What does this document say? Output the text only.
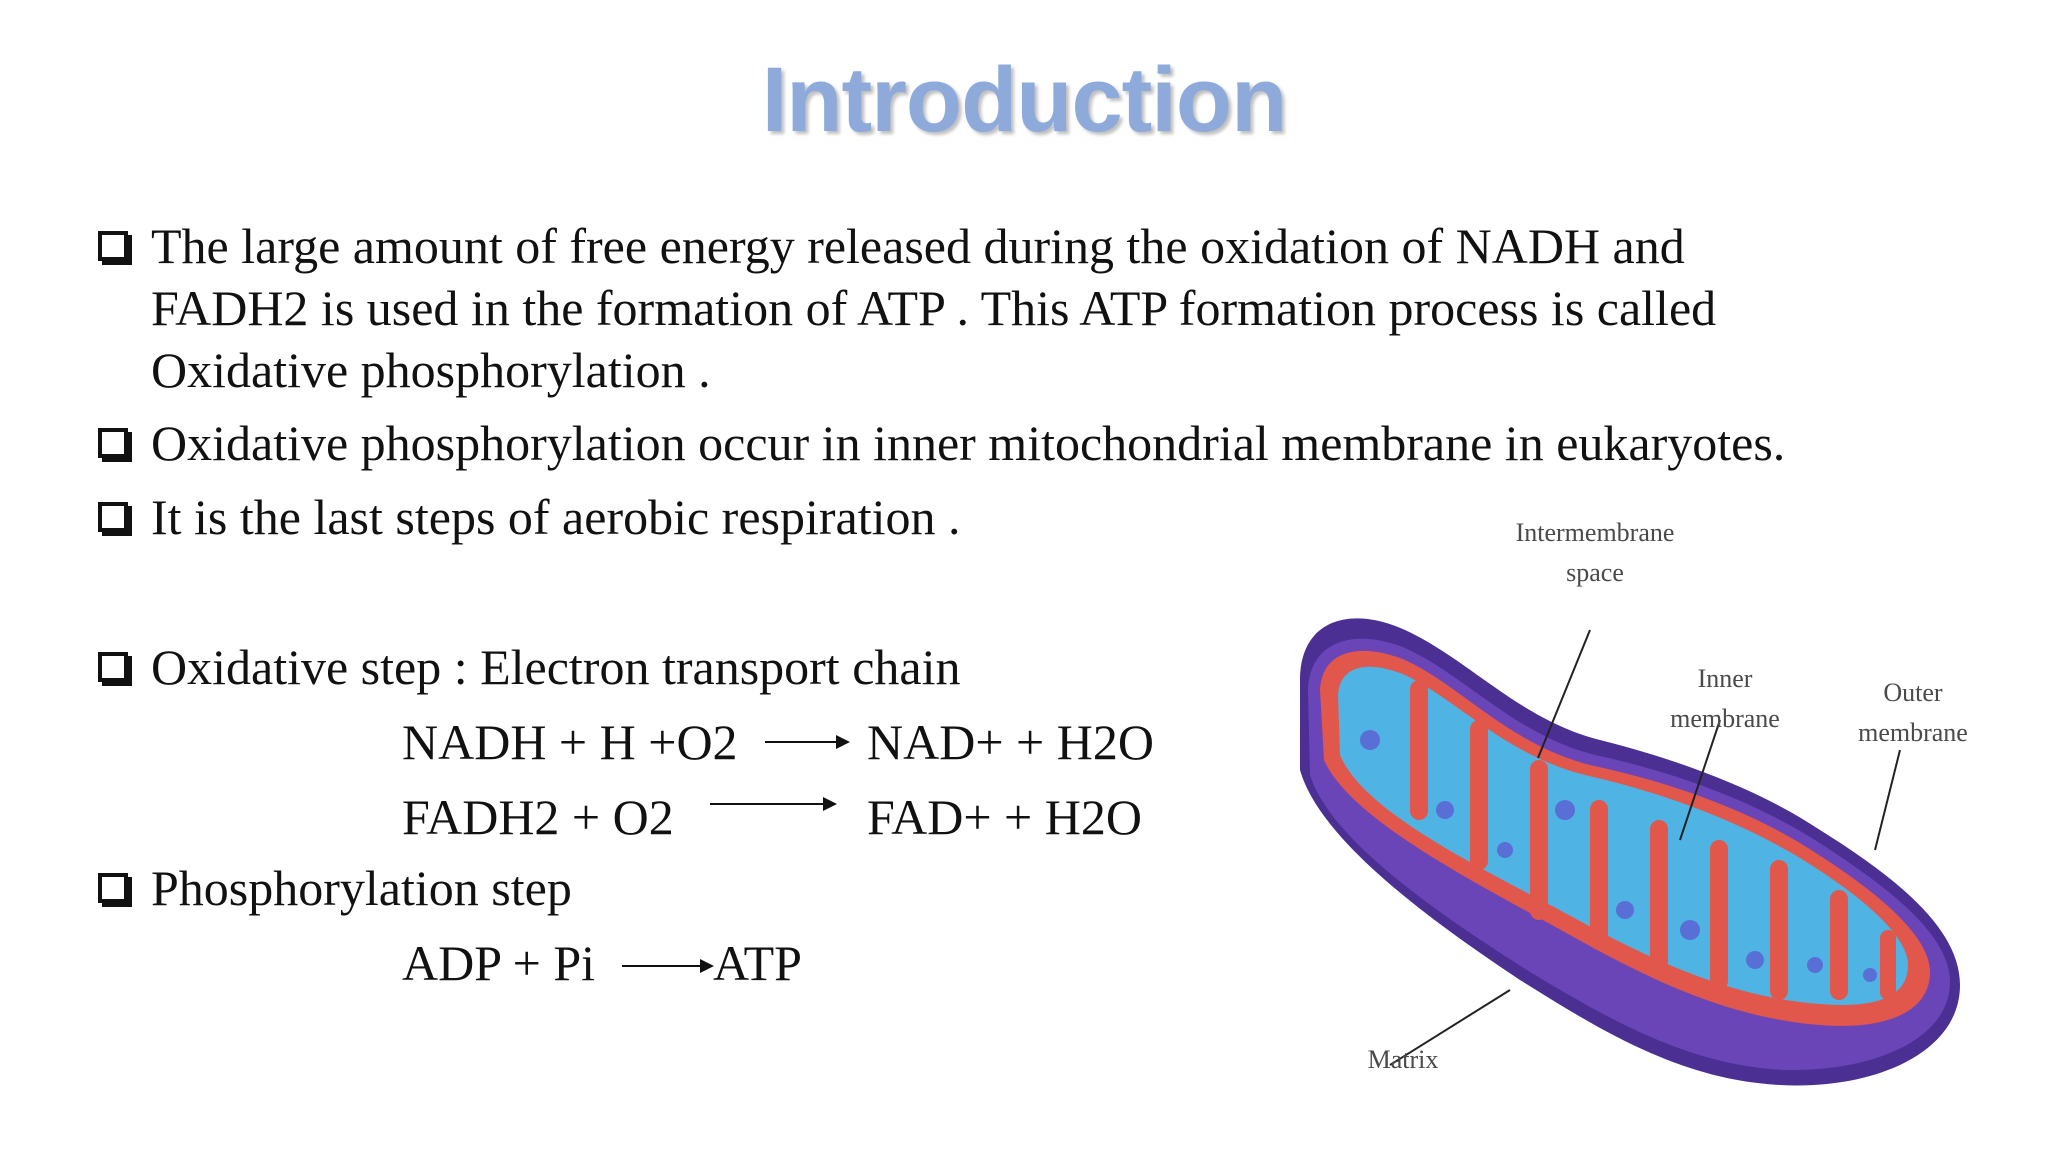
Introduction
The large amount of free energy released during the oxidation of NADH and FADH2 is used in the formation of ATP . This ATP formation process is called Oxidative phosphorylation .
Oxidative phosphorylation occur in inner mitochondrial membrane in eukaryotes.
It is the last steps of aerobic respiration .
Oxidative step : Electron transport chain
NADH + H +O2	NAD+ + H2O
FADH2 + O2	FAD+ + H2O
Phosphorylation step
ADP + Pi ATP
Intermembrane
space
Inner
membrane
Outer
membrane
Matrix
